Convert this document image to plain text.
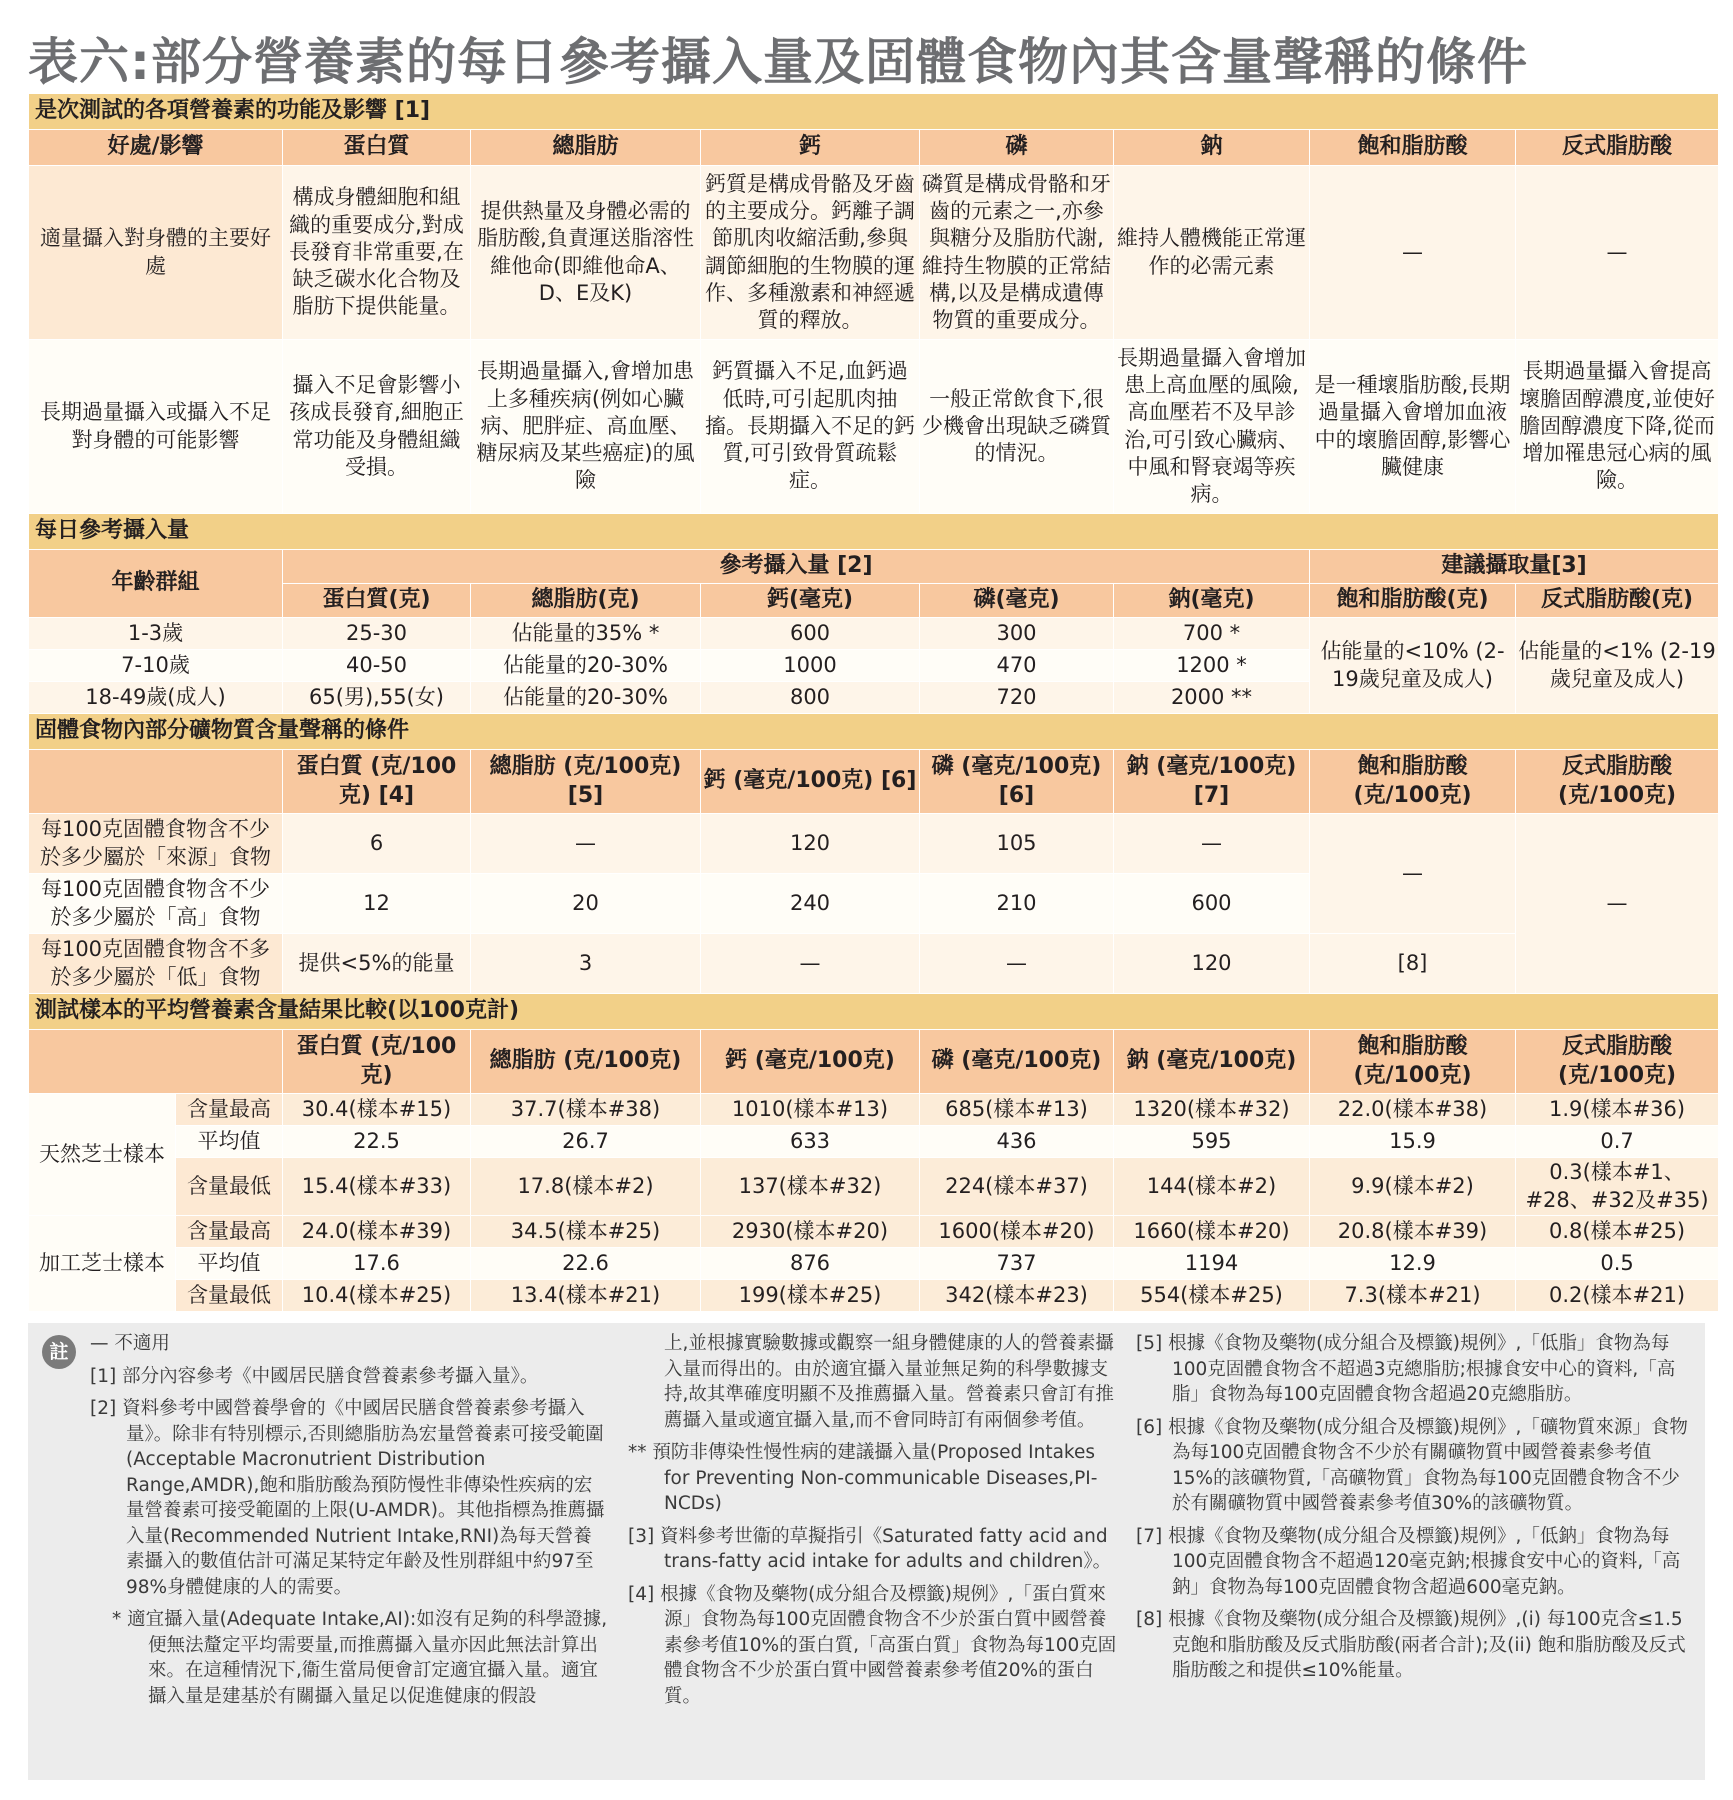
表六:部分營養素的每日參考攝入量及固體食物內其含量聲稱的條件
是次測試的各項營養素的功能及影響 [1]								
好處/影響		蛋白質	總脂肪	鈣	磷	鈉	飽和脂肪酸	反式脂肪酸
適量攝入對身體的主要好處		構成身體細胞和組織的重要成分,對成長發育非常重要,在缺乏碳水化合物及脂肪下提供能量。	提供熱量及身體必需的脂肪酸,負責運送脂溶性維他命(即維他命A、D、E及K)	鈣質是構成骨骼及牙齒的主要成分。鈣離子調節肌肉收縮活動,參與調節細胞的生物膜的運作、多種激素和神經遞質的釋放。	磷質是構成骨骼和牙齒的元素之一,亦參與糖分及脂肪代謝,維持生物膜的正常結構,以及是構成遺傳物質的重要成分。	維持人體機能正常運作的必需元素	—	—
長期過量攝入或攝入不足對身體的可能影響		攝入不足會影響小孩成長發育,細胞正常功能及身體組織受損。	長期過量攝入,會增加患上多種疾病(例如心臟病、肥胖症、高血壓、糖尿病及某些癌症)的風險	鈣質攝入不足,血鈣過低時,可引起肌肉抽搐。長期攝入不足的鈣質,可引致骨質疏鬆症。	一般正常飲食下,很少機會出現缺乏磷質的情況。	長期過量攝入會增加患上高血壓的風險,高血壓若不及早診治,可引致心臟病、中風和腎衰竭等疾病。	是一種壞脂肪酸,長期過量攝入會增加血液中的壞膽固醇,影響心臟健康	長期過量攝入會提高壞膽固醇濃度,並使好膽固醇濃度下降,從而增加罹患冠心病的風險。
每日參考攝入量								
年齡群組		參考攝入量 [2]					建議攝取量[3]	
		蛋白質(克)	總脂肪(克)	鈣(毫克)	磷(毫克)	鈉(毫克)	飽和脂肪酸(克)	反式脂肪酸(克)
1-3歲		25-30	佔能量的35% *	600	300	700 *	佔能量的<10% (2-19歲兒童及成人)	佔能量的<1% (2-19歲兒童及成人)
7-10歲		40-50	佔能量的20-30%	1000	470	1200 *		
18-49歲(成人)		65(男),55(女)	佔能量的20-30%	800	720	2000 **		
固體食物內部分礦物質含量聲稱的條件								
		蛋白質 (克/100克) [4]	總脂肪 (克/100克) [5]	鈣 (毫克/100克) [6]	磷 (毫克/100克) [6]	鈉 (毫克/100克) [7]	飽和脂肪酸 (克/100克)	反式脂肪酸 (克/100克)
每100克固體食物含不少於多少屬於「來源」食物		6	—	120	105	—	—	—
每100克固體食物含不少於多少屬於「高」食物		12	20	240	210	600		
每100克固體食物含不多於多少屬於「低」食物		提供<5%的能量	3	—	—	120	[8]	
測試樣本的平均營養素含量結果比較(以100克計)								
		蛋白質 (克/100克)	總脂肪 (克/100克)	鈣 (毫克/100克)	磷 (毫克/100克)	鈉 (毫克/100克)	飽和脂肪酸 (克/100克)	反式脂肪酸 (克/100克)
天然芝士樣本	含量最高	30.4(樣本#15)	37.7(樣本#38)	1010(樣本#13)	685(樣本#13)	1320(樣本#32)	22.0(樣本#38)	1.9(樣本#36)
	平均值	22.5	26.7	633	436	595	15.9	0.7
	含量最低	15.4(樣本#33)	17.8(樣本#2)	137(樣本#32)	224(樣本#37)	144(樣本#2)	9.9(樣本#2)	0.3(樣本#1、#28、#32及#35)
加工芝士樣本	含量最高	24.0(樣本#39)	34.5(樣本#25)	2930(樣本#20)	1600(樣本#20)	1660(樣本#20)	20.8(樣本#39)	0.8(樣本#25)
	平均值	17.6	22.6	876	737	1194	12.9	0.5
	含量最低	10.4(樣本#25)	13.4(樣本#21)	199(樣本#25)	342(樣本#23)	554(樣本#25)	7.3(樣本#21)	0.2(樣本#21)
註	— 不適用

[1] 部分內容參考《中國居民膳食營養素參考攝入量》。

[2] 資料參考中國營養學會的《中國居民膳食營養素參考攝入量》。除非有特別標示,否則總脂肪為宏量營養素可接受範圍(Acceptable Macronutrient Distribution Range,AMDR),飽和脂肪酸為預防慢性非傳染性疾病的宏量營養素可接受範圍的上限(U-AMDR)。其他指標為推薦攝入量(Recommended Nutrient Intake,RNI)為每天營養素攝入的數值估計可滿足某特定年齡及性別群組中約97至98%身體健康的人的需要。

* 適宜攝入量(Adequate Intake,AI):如沒有足夠的科學證據,便無法釐定平均需要量,而推薦攝入量亦因此無法計算出來。在這種情況下,衞生當局便會訂定適宜攝入量。適宜攝入量是建基於有關攝入量足以促進健康的假設

上,並根據實驗數據或觀察一組身體健康的人的營養素攝入量而得出的。由於適宜攝入量並無足夠的科學數據支持,故其準確度明顯不及推薦攝入量。營養素只會訂有推薦攝入量或適宜攝入量,而不會同時訂有兩個參考值。

** 預防非傳染性慢性病的建議攝入量(Proposed Intakes for Preventing Non-communicable Diseases,PI-NCDs)

[3] 資料參考世衞的草擬指引《Saturated fatty acid and trans-fatty acid intake for adults and children》。

[4] 根據《食物及藥物(成分組合及標籤)規例》,「蛋白質來源」食物為每100克固體食物含不少於蛋白質中國營養素參考值10%的蛋白質,「高蛋白質」食物為每100克固體食物含不少於蛋白質中國營養素參考值20%的蛋白質。

[5] 根據《食物及藥物(成分組合及標籤)規例》,「低脂」食物為每100克固體食物含不超過3克總脂肪;根據食安中心的資料,「高脂」食物為每100克固體食物含超過20克總脂肪。

[6] 根據《食物及藥物(成分組合及標籤)規例》,「礦物質來源」食物為每100克固體食物含不少於有關礦物質中國營養素參考值15%的該礦物質,「高礦物質」食物為每100克固體食物含不少於有關礦物質中國營養素參考值30%的該礦物質。

[7] 根據《食物及藥物(成分組合及標籤)規例》,「低鈉」食物為每100克固體食物含不超過120毫克鈉;根據食安中心的資料,「高鈉」食物為每100克固體食物含超過600毫克鈉。

[8] 根據《食物及藥物(成分組合及標籤)規例》,(i) 每100克含≤1.5克飽和脂肪酸及反式脂肪酸(兩者合計);及(ii) 飽和脂肪酸及反式脂肪酸之和提供≤10%能量。
